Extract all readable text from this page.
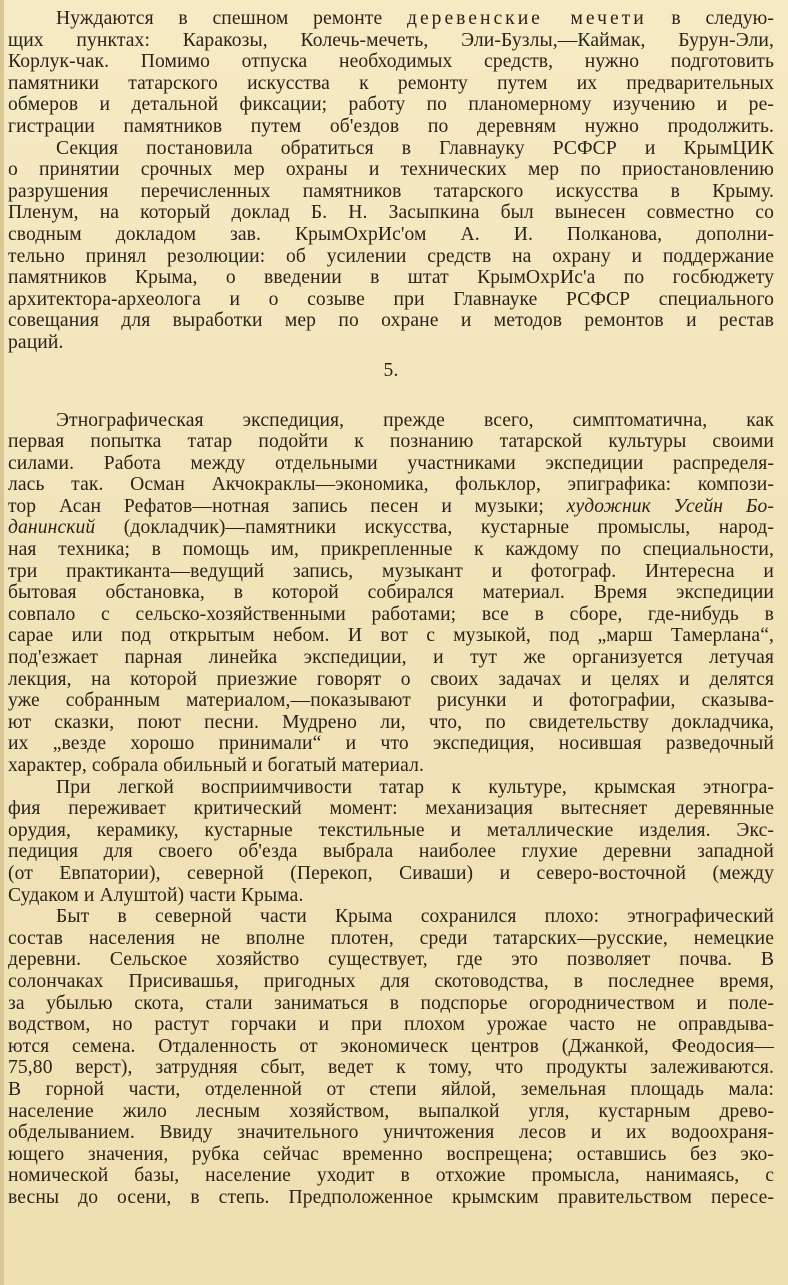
Нуждаются в спешном ремонте деревенские мечети в следую-
щих пунктах: Каракозы, Колечь-мечеть, Эли-Бузлы,—Каймак, Бурун-Эли,
Корлук-чак. Помимо отпуска необходимых средств, нужно подготовить
памятники татарского искусства к ремонту путем их предварительных
обмеров и детальной фиксации; работу по планомерному изучению и ре-
гистрации памятников путем об'ездов по деревням нужно продолжить.
Секция постановила обратиться в Главнауку РСФСР и КрымЦИК
о принятии срочных мер охраны и технических мер по приостановлению
разрушения перечисленных памятников татарского искусства в Крыму.
Пленум, на который доклад Б. Н. Засыпкина был вынесен совместно со
сводным докладом зав. КрымОхрИс'ом А. И. Полканова, дополни-
тельно принял резолюции: об усилении средств на охрану и поддержание
памятников Крыма, о введении в штат КрымОхрИс'а по госбюджету
архитектора-археолога и о созыве при Главнауке РСФСР специального
совещания для выработки мер по охране и методов ремонтов и рестав
раций.
5.
Этнографическая экспедиция, прежде всего, симптоматична, как
первая попытка татар подойти к познанию татарской культуры своими
силами. Работа между отдельными участниками экспедиции распределя-
лась так. Осман Акчокраклы—экономика, фольклор, эпиграфика: компози-
тор Асан Рефатов—нотная запись песен и музыки; художник Усейн Бо-
данинский (докладчик)—памятники искусства, кустарные промыслы, народ-
ная техника; в помощь им, прикрепленные к каждому по специальности,
три практиканта—ведущий запись, музыкант и фотограф. Интересна и
бытовая обстановка, в которой собирался материал. Время экспедиции
совпало с сельско-хозяйственными работами; все в сборе, где-нибудь в
сарае или под открытым небом. И вот с музыкой, под „марш Тамерлана“,
под'езжает парная линейка экспедиции, и тут же организуется летучая
лекция, на которой приезжие говорят о своих задачах и целях и делятся
уже собранным материалом,—показывают рисунки и фотографии, сказыва-
ют сказки, поют песни. Мудрено ли, что, по свидетельству докладчика,
их „везде хорошо принимали“ и что экспедиция, носившая разведочный
характер, собрала обильный и богатый материал.
При легкой восприимчивости татар к культуре, крымская этногра-
фия переживает критический момент: механизация вытесняет деревянные
орудия, керамику, кустарные текстильные и металлические изделия. Экс-
педиция для своего об'езда выбрала наиболее глухие деревни западной
(от Евпатории), северной (Перекоп, Сиваши) и северо-восточной (между
Судаком и Алуштой) части Крыма.
Быт в северной части Крыма сохранился плохо: этнографический
состав населения не вполне плотен, среди татарских—русские, немецкие
деревни. Сельское хозяйство существует, где это позволяет почва. В
солончаках Присивашья, пригодных для скотоводства, в последнее время,
за убылью скота, стали заниматься в подспорье огородничеством и поле-
водством, но растут горчаки и при плохом урожае часто не оправдыва-
ются семена. Отдаленность от экономическ центров (Джанкой, Феодосия—
75,80 верст), затрудняя сбыт, ведет к тому, что продукты залеживаются.
В горной части, отделенной от степи яйлой, земельная площадь мала:
население жило лесным хозяйством, выпалкой угля, кустарным древо-
обделыванием. Ввиду значительного уничтожения лесов и их водоохраня-
ющего значения, рубка сейчас временно воспрещена; оставшись без эко-
номической базы, население уходит в отхожие промысла, нанимаясь, с
весны до осени, в степь. Предположенное крымским правительством пересе-
